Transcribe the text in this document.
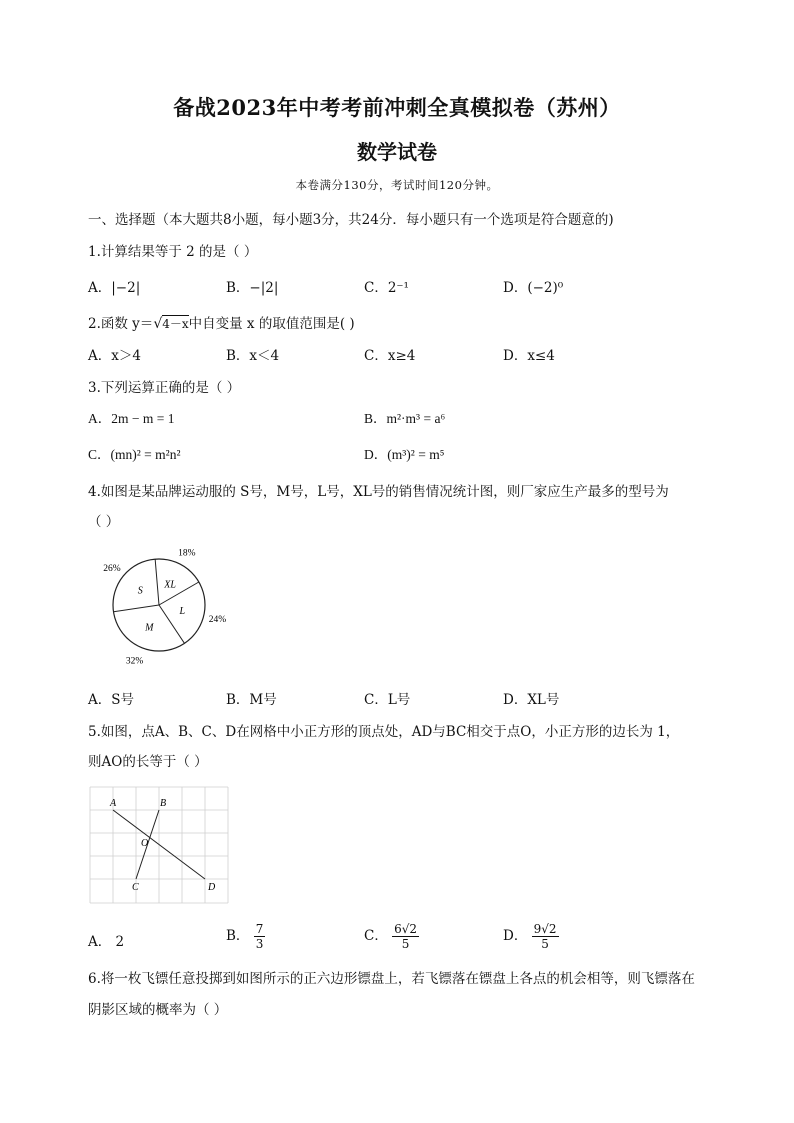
备战2023年中考考前冲刺全真模拟卷（苏州）
数学试卷
本卷满分130分，考试时间120分钟。
一、选择题（本大题共8小题，每小题3分，共24分．每小题只有一个选项是符合题意的)
1.计算结果等于 2 的是（ ）
A．|−2|	B．−|2|	C．2⁻¹	D．(−2)⁰
2.函数 y＝√4－x中自变量 x 的取值范围是( )
A．x＞4	B．x＜4	C．x≥4	D．x≤4
3.下列运算正确的是（ ）
A．2m − m = 1	B．m²·m³ = a⁶
C．(mn)² = m²n²	D．(m³)² = m⁵
4.如图是某品牌运动服的 S号，M号，L号，XL号的销售情况统计图，则厂家应生产最多的型号为
（ ）
L
24%
M
32%
S
26%
XL
18%
A．S号	B．M号	C．L号	D．XL号
5.如图，点A、B、C、D在网格中小正方形的顶点处，AD与BC相交于点O，小正方形的边长为 1，
则AO的长等于（ ）
A	B
O
C	D
A． 2	B． $\frac{7}{3}$	C． $\frac{6√2}{5}$	D． $\frac{9√2}{5}$
6.将一枚飞镖任意投掷到如图所示的正六边形镖盘上，若飞镖落在镖盘上各点的机会相等，则飞镖落在
阴影区域的概率为（ ）
